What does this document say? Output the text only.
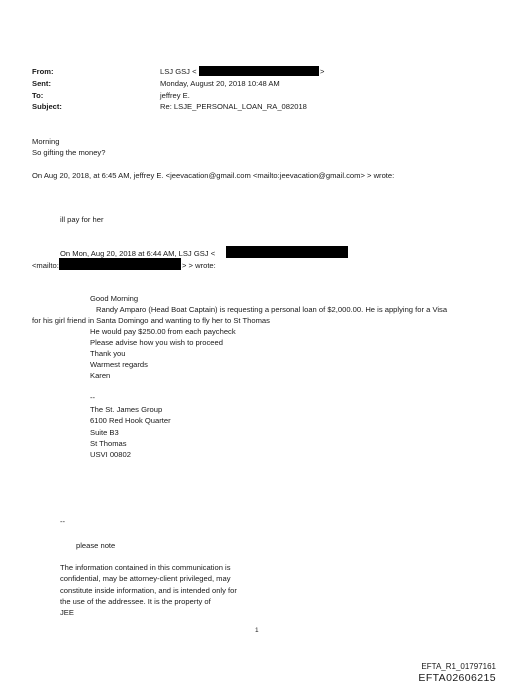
From:	LSJ GSJ <	>
Sent:	Monday, August 20, 2018 10:48 AM
To:	jeffrey E.
Subject:	Re: LSJE_PERSONAL_LOAN_RA_082018
Morning
So gifting the money?
On Aug 20, 2018, at 6:45 AM, jeffrey E. <jeevacation@gmail.com <mailto:jeevacation@gmail.com> > wrote:
ill pay for her
On Mon, Aug 20, 2018 at 6:44 AM, LSJ GSJ <
<mailto:	> > wrote:
Good Morning
Randy Amparo (Head Boat Captain) is requesting a personal loan of $2,000.00. He is applying for a Visa
for his girl friend in Santa Domingo and wanting to fly her to St Thomas
He would pay $250.00 from each paycheck
Please advise how you wish to proceed
Thank you
Warmest regards
Karen
--
The St. James Group
6100 Red Hook Quarter
Suite B3
St Thomas
USVI 00802
--
please note
The information contained in this communication is
confidential, may be attorney-client privileged, may
constitute inside information, and is intended only for
the use of the addressee. It is the property of
JEE
1
EFTA_R1_01797161
EFTA02606215
